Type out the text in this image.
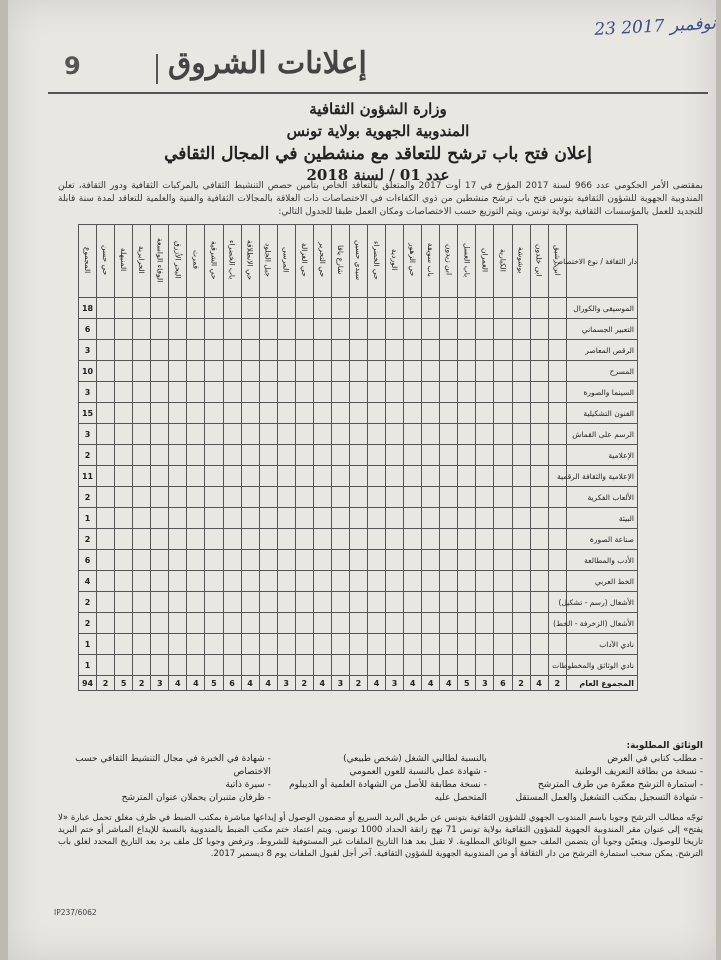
23 نوفمبر 2017
9	إعلانات الشروق
وزارة الشؤون الثقافية
المندوبية الجهوية بولاية تونس
إعلان فتح باب ترشح للتعاقد مع منشطين في المجال الثقافي
عدد 01 / لسنة 2018
بمقتضى الأمر الحكومي عدد 966 لسنة 2017 المؤرخ في 17 أوت 2017 والمتعلق بالتعاقد الخاص بتأمين حصص التنشيط الثقافي بالمركبات الثقافية ودور الثقافة، تعلن المندوبية الجهوية للشؤون الثقافية بتونس فتح باب ترشح منشطين من ذوي الكفاءات في الاختصاصات ذات العلاقة بالمجالات الثقافية والفنية والعلمية للتعاقد لمدة سنة قابلة للتجديد للعمل بالمؤسسات الثقافية بولاية تونس، ويتم التوزيع حسب الاختصاصات ومكان العمل طبقا للجدول التالي:
المجموع	حي حسن	المنيهلة	الحرايرية	الوفاء الواسعة	البحر الأزرق	قمرت	حي الشرقية	باب الخضراء	حي الانطلاقة	جبل الجلود	المرسى	حي الغزالة	حي التحرير	شارع يافا	سيدي حسين	حي الخضراء	الوردية	حي الزهور	باب سويقة	ابن زيدون	باب العسل	العمران	الكبارية	بوشوشة	ابن خلدون	ابن رشيق	دار الثقافة / نوع الاختصاص
18																											الموسيقى والكورال
6																											التعبير الجسماني
3																											الرقص المعاصر
10																											المسرح
3																											السينما والصورة
15																											الفنون التشكيلية
3																											الرسم على القماش
2																											الإعلامية
11																											الإعلامية والثقافة الرقمية
2																											الألعاب الفكرية
1																											البيئة
2																											صناعة الصورة
6																											الأدب والمطالعة
4																											الخط العربي
2																											الأشغال (رسم - تشكيل)
2																											الأشغال (الزخرفة - الخط)
1																											نادي الآداب
1																											نادي الوثائق والمخطوطات
94	2	5	2	3	4	4	5	6	4	4	3	2	4	3	2	4	3	4	4	4	5	3	6	2	4	2	المجموع العام
الوثائق المطلوبة:
- مطلب كتابي في العرض
- نسخة من بطاقة التعريف الوطنية
- استمارة الترشح معمّرة من طرف المترشح
- شهادة التسجيل بمكتب التشغيل والعمل المستقل
بالنسبة لطالبي الشغل (شخص طبيعي)
- شهادة عمل بالنسبة للعون العمومي
- نسخة مطابقة للأصل من الشهادة العلمية أو الديبلوم المتحصل عليه
- شهادة في الخبرة في مجال التنشيط الثقافي حسب الاختصاص
- سيرة ذاتية
- ظرفان متنبران يحملان عنوان المترشح
توجّه مطالب الترشح وجوبا باسم المندوب الجهوي للشؤون الثقافية بتونس عن طريق البريد السريع أو مضمون الوصول أو إيداعها مباشرة بمكتب الضبط في ظرف مغلق تحمل عبارة «لا يفتح» إلى عنوان مقر المندوبية الجهوية للشؤون الثقافية بولاية تونس 71 نهج زانقة الحداد 1000 تونس. ويتم اعتماد ختم مكتب الضبط بالمندوبية بالنسبة للإيداع المباشر أو ختم البريد تاريخا للوصول. ويتعيّن وجوبا أن يتضمن الملف جميع الوثائق المطلوبة. لا تقبل بعد هذا التاريخ الملفات غير المستوفية للشروط. وترفض وجوبا كل ملف يرد بعد التاريخ المحدد لغلق باب الترشح. يمكن سحب استمارة الترشح من دار الثقافة أو من المندوبية الجهوية للشؤون الثقافية. آخر أجل لقبول الملفات يوم 8 ديسمبر 2017.
IP237/6062
